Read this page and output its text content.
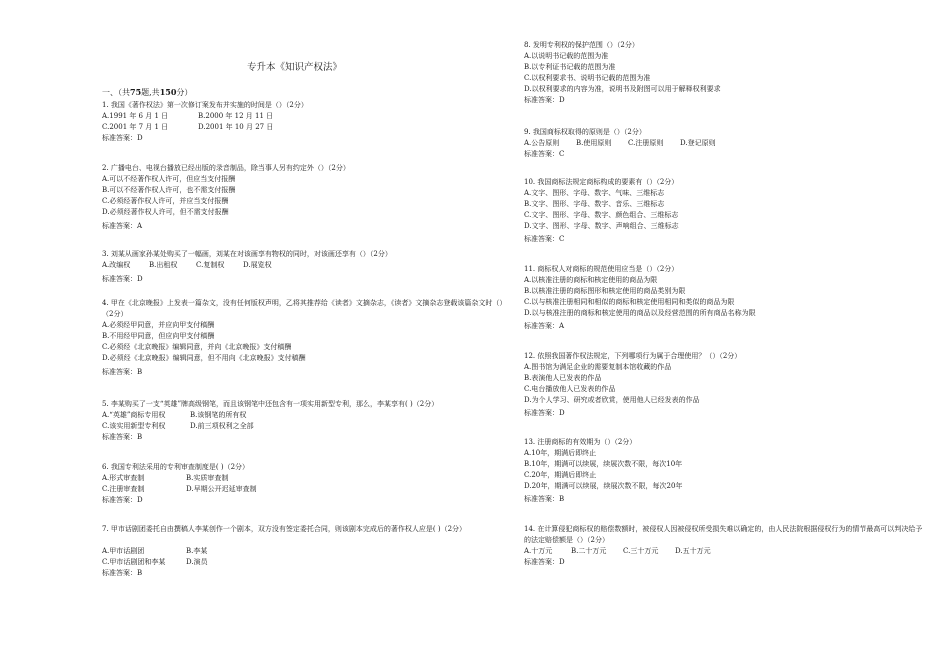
专升本《知识产权法》
一、（共75题,共150分）
1. 我国《著作权法》第一次修订案发布并实施的时间是（）（2分）
A.1991 年 6 月 1 日	B.2000 年 12 月 11 日
C.2001 年 7 月 1 日	D.2001 年 10 月 27 日
标准答案：D
2. 广播电台、电视台播放已经出版的录音制品，除当事人另有约定外（）（2分）
A.可以不经著作权人许可，但应当支付报酬
B.可以不经著作权人许可，也不需支付报酬
C.必须经著作权人许可，并应当支付报酬
D.必须经著作权人许可，但不需支付报酬
标准答案：A
3. 刘某从画家孙某处购买了一幅画，刘某在对该画享有物权的同时，对该画还享有（）（2分）
A.改编权	B.出租权	C.复制权	D.展览权
标准答案：D
4. 甲在《北京晚报》上发表一篇杂文，没有任何版权声明，乙将其推荐给《读者》文摘杂志，《读者》文摘杂志登载该篇杂文时（）（2分）
A.必须经甲同意，并应向甲支付稿酬
B.不用经甲同意，但应向甲支付稿酬
C.必须经《北京晚报》编辑同意，并向《北京晚报》支付稿酬
D.必须经《北京晚报》编辑同意，但不用向《北京晚报》支付稿酬
标准答案：B
5. 李某购买了一支“英雄”牌高级钢笔，而且该钢笔中还包含有一项实用新型专利，那么，李某享有( )（2分）
A.“英雄”商标专用权	B.该钢笔的所有权
C.该实用新型专利权	D.前三项权利之全部
标准答案：B
6. 我国专利法采用的专利审查制度是( )（2分）
A.形式审查制	B.实质审查制
C.注册审查制	D.早期公开迟延审查制
标准答案：D
7. 甲市话剧团委托自由撰稿人李某创作一个剧本，双方没有签定委托合同，则该剧本完成后的著作权人应是( )（2分）
A.甲市话剧团	B.李某
C.甲市话剧团和李某	D.演员
标准答案：B
8. 发明专利权的保护范围（）（2分）
A.以说明书记载的范围为准
B.以专利证书记载的范围为准
C.以权利要求书、说明书记载的范围为准
D.以权利要求的内容为准，说明书及附图可以用于解释权利要求
标准答案：D
9. 我国商标权取得的原则是（）（2分）
A.公告原则	B.使用原则	C.注册原则	D.登记原则
标准答案：C
10. 我国商标法规定商标构成的要素有（）（2分）
A.文字、图形、字母、数字、气味、三维标志
B.文字、图形、字母、数字、音乐、三维标志
C.文字、图形、字母、数字、颜色组合、三维标志
D.文字、图形、字母、数字、声响组合、三维标志
标准答案：C
11. 商标权人对商标的规范使用应当是（）（2分）
A.以核准注册的商标和核定使用的商品为限
B.以核准注册的商标图形和核定使用的商品类别为限
C.以与核准注册相同和相似的商标和核定使用相同和类似的商品为限
D.以与核准注册的商标和核定使用的商品以及经营范围的所有商品名称为限
标准答案：A
12. 依照我国著作权法规定，下列哪项行为属于合理使用？（）（2分）
A.图书馆为满足企业的需要复制本馆收藏的作品
B.表演他人已发表的作品
C.电台播放他人已发表的作品
D.为个人学习、研究或者欣赏，使用他人已经发表的作品
标准答案：D
13. 注册商标的有效期为（）（2分）
A.10年，期满后即终止
B.10年，期满可以续展，续展次数不限，每次10年
C.20年，期满后即终止
D.20年，期满可以续展，续展次数不限，每次20年
标准答案：B
14. 在计算侵犯商标权的赔偿数额时，被侵权人因被侵权所受损失难以确定的，由人民法院根据侵权行为的情节最高可以判决给予的法定赔偿额是（）（2分）
A.十万元	B.二十万元	C.三十万元	D.五十万元
标准答案：D
